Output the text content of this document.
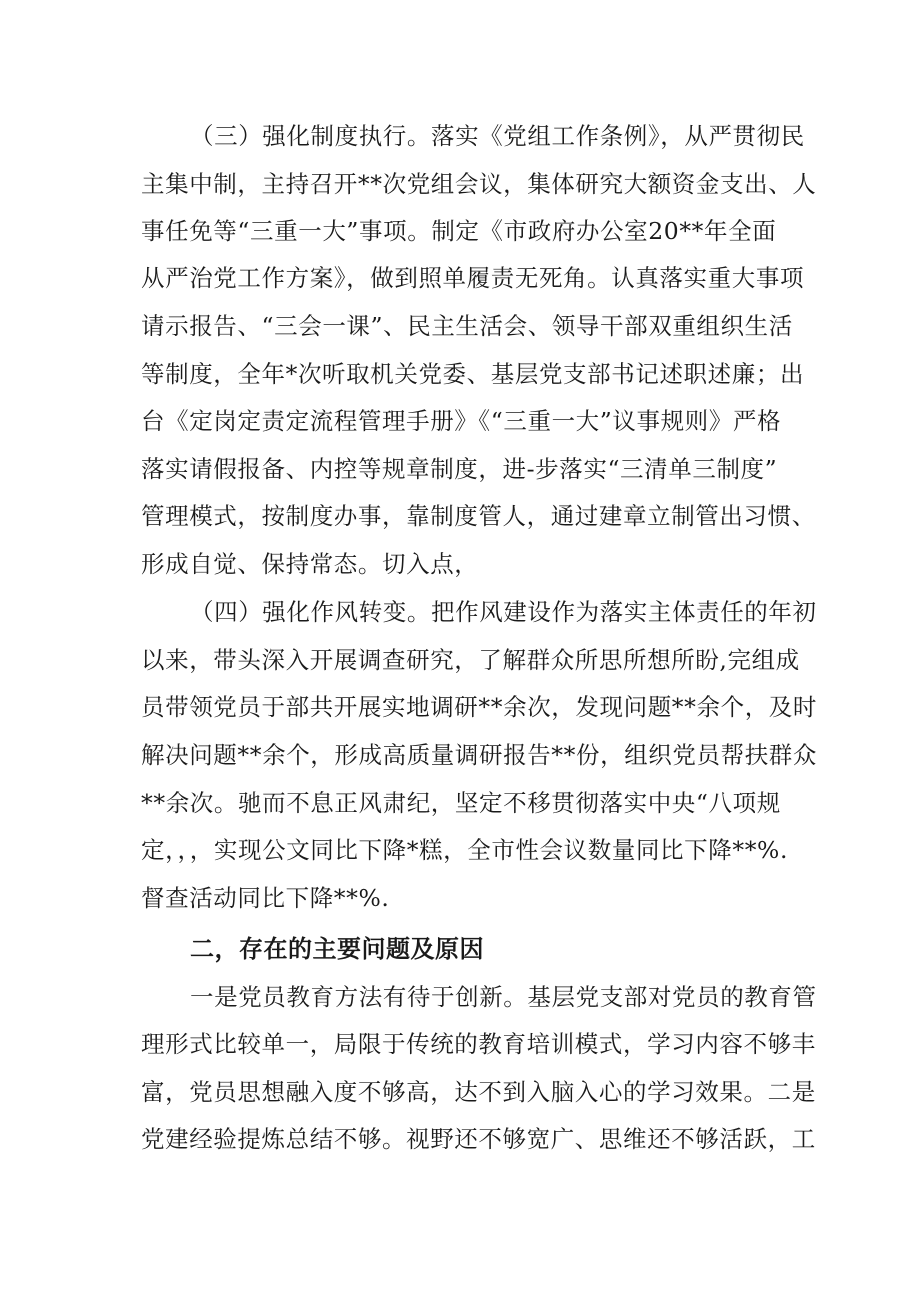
（三）强化制度执行。落实《党组工作条例》，从严贯彻民
主集中制，主持召开**次党组会议，集体研究大额资金支出、人
事任免等“三重一大”事项。制定《市政府办公室20**年全面
从严治党工作方案》，做到照单履责无死角。认真落实重大事项
请示报告、“三会一课”、民主生活会、领导干部双重组织生活
等制度，全年*次听取机关党委、基层党支部书记述职述廉；出
台《定岗定责定流程管理手册》《“三重一大”议事规则》严格
落实请假报备、内控等规章制度，进-步落实“三清单三制度”
管理模式，按制度办事，靠制度管人，通过建章立制管出习惯、
形成自觉、保持常态。切入点，
（四）强化作风转变。把作风建设作为落实主体责任的年初
以来，带头深入开展调查研究，了解群众所思所想所盼,完组成
员带领党员于部共开展实地调研**余次，发现问题**余个，及时
解决问题**余个，形成高质量调研报告**份，组织党员帮扶群众
**余次。驰而不息正风肃纪，坚定不移贯彻落实中央“八项规
定，，，实现公文同比下降*糕，全市性会议数量同比下降**%.
督查活动同比下降**%.
二，存在的主要问题及原因
一是党员教育方法有待于创新。基层党支部对党员的教育管
理形式比较单一，局限于传统的教育培训模式，学习内容不够丰
富，党员思想融入度不够高，达不到入脑入心的学习效果。二是
党建经验提炼总结不够。视野还不够宽广、思维还不够活跃，工
